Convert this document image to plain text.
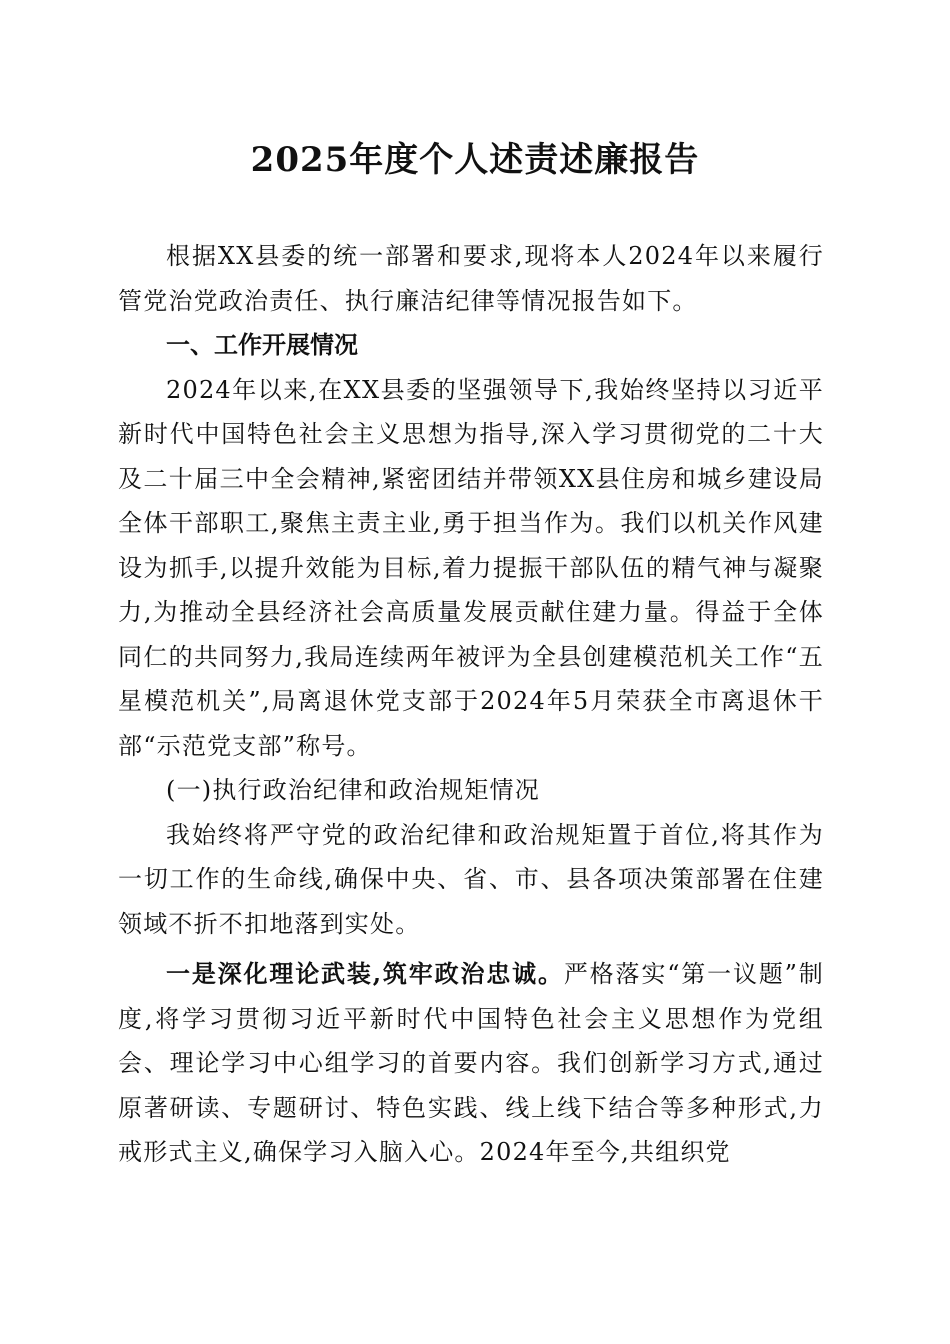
2025年度个人述责述廉报告

根据XX县委的统一部署和要求,现将本人2024年以来履行管党治党政治责任、执行廉洁纪律等情况报告如下。

一、工作开展情况

2024年以来,在XX县委的坚强领导下,我始终坚持以习近平新时代中国特色社会主义思想为指导,深入学习贯彻党的二十大及二十届三中全会精神,紧密团结并带领XX县住房和城乡建设局全体干部职工,聚焦主责主业,勇于担当作为。我们以机关作风建设为抓手,以提升效能为目标,着力提振干部队伍的精气神与凝聚力,为推动全县经济社会高质量发展贡献住建力量。得益于全体同仁的共同努力,我局连续两年被评为全县创建模范机关工作“五星模范机关”,局离退休党支部于2024年5月荣获全市离退休干部“示范党支部”称号。

(一)执行政治纪律和政治规矩情况

我始终将严守党的政治纪律和政治规矩置于首位,将其作为一切工作的生命线,确保中央、省、市、县各项决策部署在住建领域不折不扣地落到实处。

一是深化理论武装,筑牢政治忠诚。严格落实“第一议题”制度,将学习贯彻习近平新时代中国特色社会主义思想作为党组会、理论学习中心组学习的首要内容。我们创新学习方式,通过原著研读、专题研讨、特色实践、线上线下结合等多种形式,力戒形式主义,确保学习入脑入心。2024年至今,共组织党
